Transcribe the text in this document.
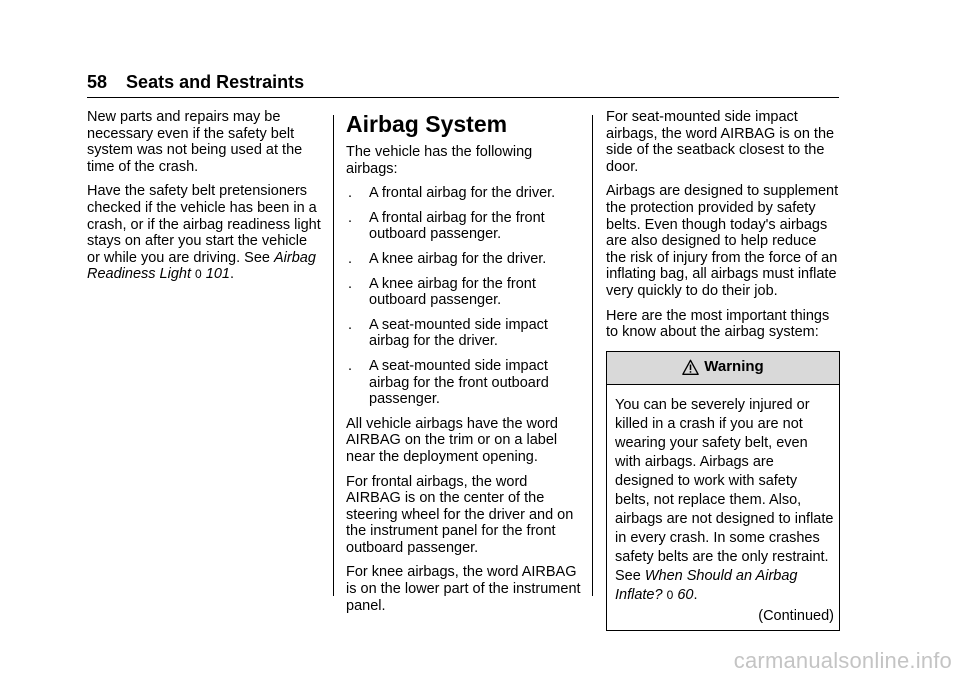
58 Seats and Restraints

New parts and repairs may be necessary even if the safety belt system was not being used at the time of the crash.

Have the safety belt pretensioners checked if the vehicle has been in a crash, or if the airbag readiness light stays on after you start the vehicle or while you are driving. See Airbag Readiness Light 0 101.

Airbag System

The vehicle has the following airbags:

. A frontal airbag for the driver.
. A frontal airbag for the front outboard passenger.
. A knee airbag for the driver.
. A knee airbag for the front outboard passenger.
. A seat-mounted side impact airbag for the driver.
. A seat-mounted side impact airbag for the front outboard passenger.

All vehicle airbags have the word AIRBAG on the trim or on a label near the deployment opening.

For frontal airbags, the word AIRBAG is on the center of the steering wheel for the driver and on the instrument panel for the front outboard passenger.

For knee airbags, the word AIRBAG is on the lower part of the instrument panel.

For seat-mounted side impact airbags, the word AIRBAG is on the side of the seatback closest to the door.

Airbags are designed to supplement the protection provided by safety belts. Even though today's airbags are also designed to help reduce the risk of injury from the force of an inflating bag, all airbags must inflate very quickly to do their job.

Here are the most important things to know about the airbag system:

Warning
You can be severely injured or killed in a crash if you are not wearing your safety belt, even with airbags. Airbags are designed to work with safety belts, not replace them. Also, airbags are not designed to inflate in every crash. In some crashes safety belts are the only restraint. See When Should an Airbag Inflate? 0 60.
(Continued)
carmanualsonline.info
